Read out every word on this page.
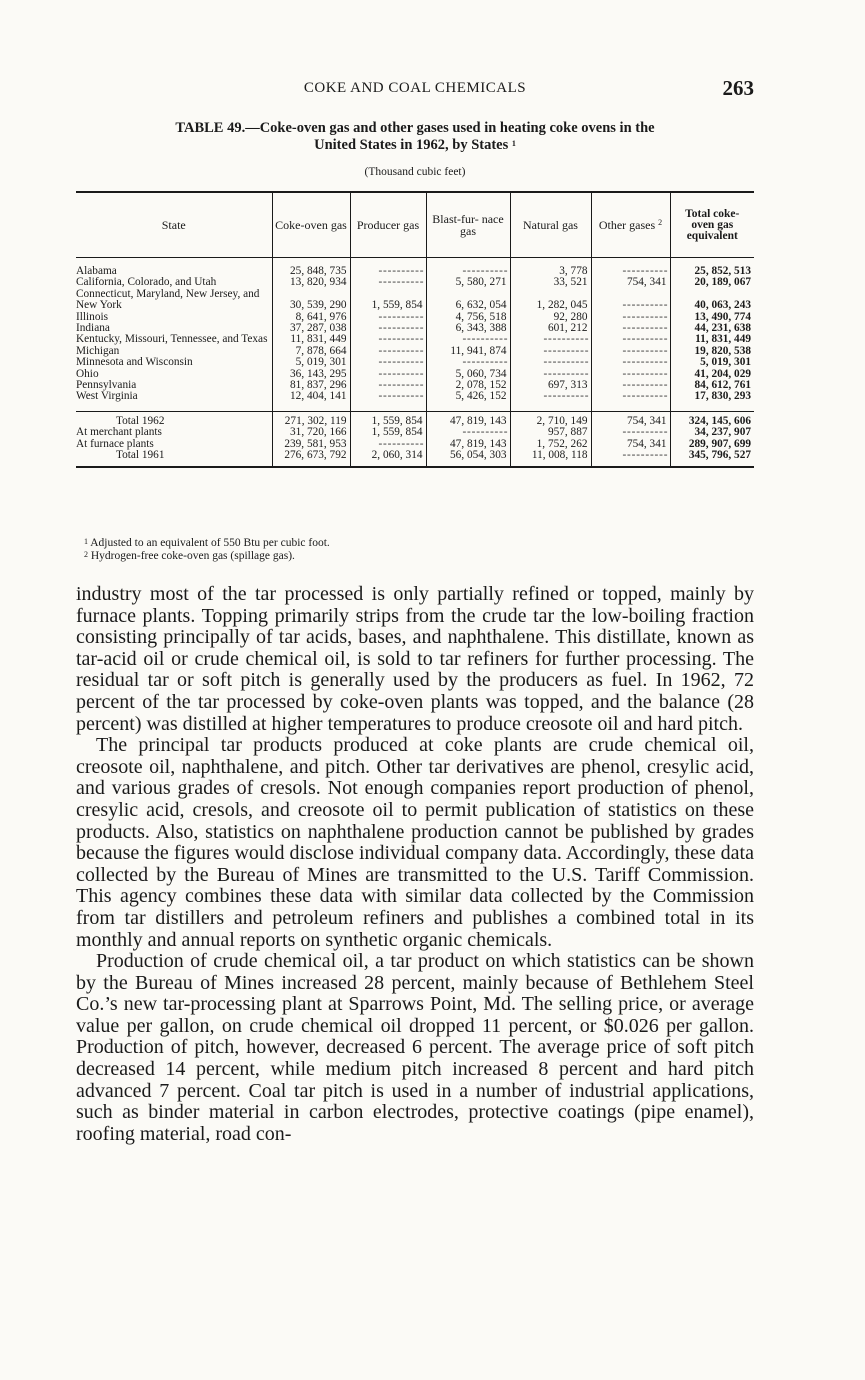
COKE AND COAL CHEMICALS	263
TABLE 49.—Coke-oven gas and other gases used in heating coke ovens in the
United States in 1962, by States $^1$
(Thousand cubic feet)
State	Coke-oven gas	Producer gas	Blast-fur- nace gas	Natural gas	Other gases $^2$	Total coke- oven gas equivalent

Alabama	25, 848, 735	- - - - - - - - - -	- - - - - - - - - -	3, 778	- - - - - - - - - -	25, 852, 513
California, Colorado, and Utah	13, 820, 934	- - - - - - - - - -	5, 580, 271	33, 521	754, 341	20, 189, 067
Connecticut, Maryland, New Jersey, and New York	30, 539, 290	1, 559, 854	6, 632, 054	1, 282, 045	- - - - - - - - - -	40, 063, 243
Illinois	8, 641, 976	- - - - - - - - - -	4, 756, 518	92, 280	- - - - - - - - - -	13, 490, 774
Indiana	37, 287, 038	- - - - - - - - - -	6, 343, 388	601, 212	- - - - - - - - - -	44, 231, 638
Kentucky, Missouri, Tennessee, and Texas	11, 831, 449	- - - - - - - - - -	- - - - - - - - - -	- - - - - - - - - -	- - - - - - - - - -	11, 831, 449
Michigan	7, 878, 664	- - - - - - - - - -	11, 941, 874	- - - - - - - - - -	- - - - - - - - - -	19, 820, 538
Minnesota and Wisconsin	5, 019, 301	- - - - - - - - - -	- - - - - - - - - -	- - - - - - - - - -	- - - - - - - - - -	5, 019, 301
Ohio	36, 143, 295	- - - - - - - - - -	5, 060, 734	- - - - - - - - - -	- - - - - - - - - -	41, 204, 029
Pennsylvania	81, 837, 296	- - - - - - - - - -	2, 078, 152	697, 313	- - - - - - - - - -	84, 612, 761
West Virginia	12, 404, 141	- - - - - - - - - -	5, 426, 152	- - - - - - - - - -	- - - - - - - - - -	17, 830, 293

Total 1962	271, 302, 119	1, 559, 854	47, 819, 143	2, 710, 149	754, 341	324, 145, 606
At merchant plants	31, 720, 166	1, 559, 854	- - - - - - - - - -	957, 887	- - - - - - - - - -	34, 237, 907
At furnace plants	239, 581, 953	- - - - - - - - - -	47, 819, 143	1, 752, 262	754, 341	289, 907, 699
Total 1961	276, 673, 792	2, 060, 314	56, 054, 303	11, 008, 118	- - - - - - - - - -	345, 796, 527

$^1$ Adjusted to an equivalent of 550 Btu per cubic foot.

$^2$ Hydrogen-free coke-oven gas (spillage gas).

industry most of the tar processed is only partially refined or topped, mainly by furnace plants. Topping primarily strips from the crude tar the low-boiling fraction consisting principally of tar acids, bases, and naphthalene. This distillate, known as tar-acid oil or crude chemical oil, is sold to tar refiners for further processing. The residual tar or soft pitch is generally used by the producers as fuel. In 1962, 72 percent of the tar processed by coke-oven plants was topped, and the balance (28 percent) was distilled at higher temperatures to produce creosote oil and hard pitch.

The principal tar products produced at coke plants are crude chemical oil, creosote oil, naphthalene, and pitch. Other tar derivatives are phenol, cresylic acid, and various grades of cresols. Not enough companies report production of phenol, cresylic acid, cresols, and creosote oil to permit publication of statistics on these products. Also, statistics on naphthalene production cannot be published by grades because the figures would disclose individual company data. Accordingly, these data collected by the Bureau of Mines are transmitted to the U.S. Tariff Commission. This agency combines these data with similar data collected by the Commission from tar distillers and petroleum refiners and publishes a combined total in its monthly and annual reports on synthetic organic chemicals.

Production of crude chemical oil, a tar product on which statistics can be shown by the Bureau of Mines increased 28 percent, mainly because of Bethlehem Steel Co.’s new tar-processing plant at Sparrows Point, Md. The selling price, or average value per gallon, on crude chemical oil dropped 11 percent, or $0.026 per gallon. Production of pitch, however, decreased 6 percent. The average price of soft pitch decreased 14 percent, while medium pitch increased 8 percent and hard pitch advanced 7 percent. Coal tar pitch is used in a number of industrial applications, such as binder material in carbon electrodes, protective coatings (pipe enamel), roofing material, road con-
